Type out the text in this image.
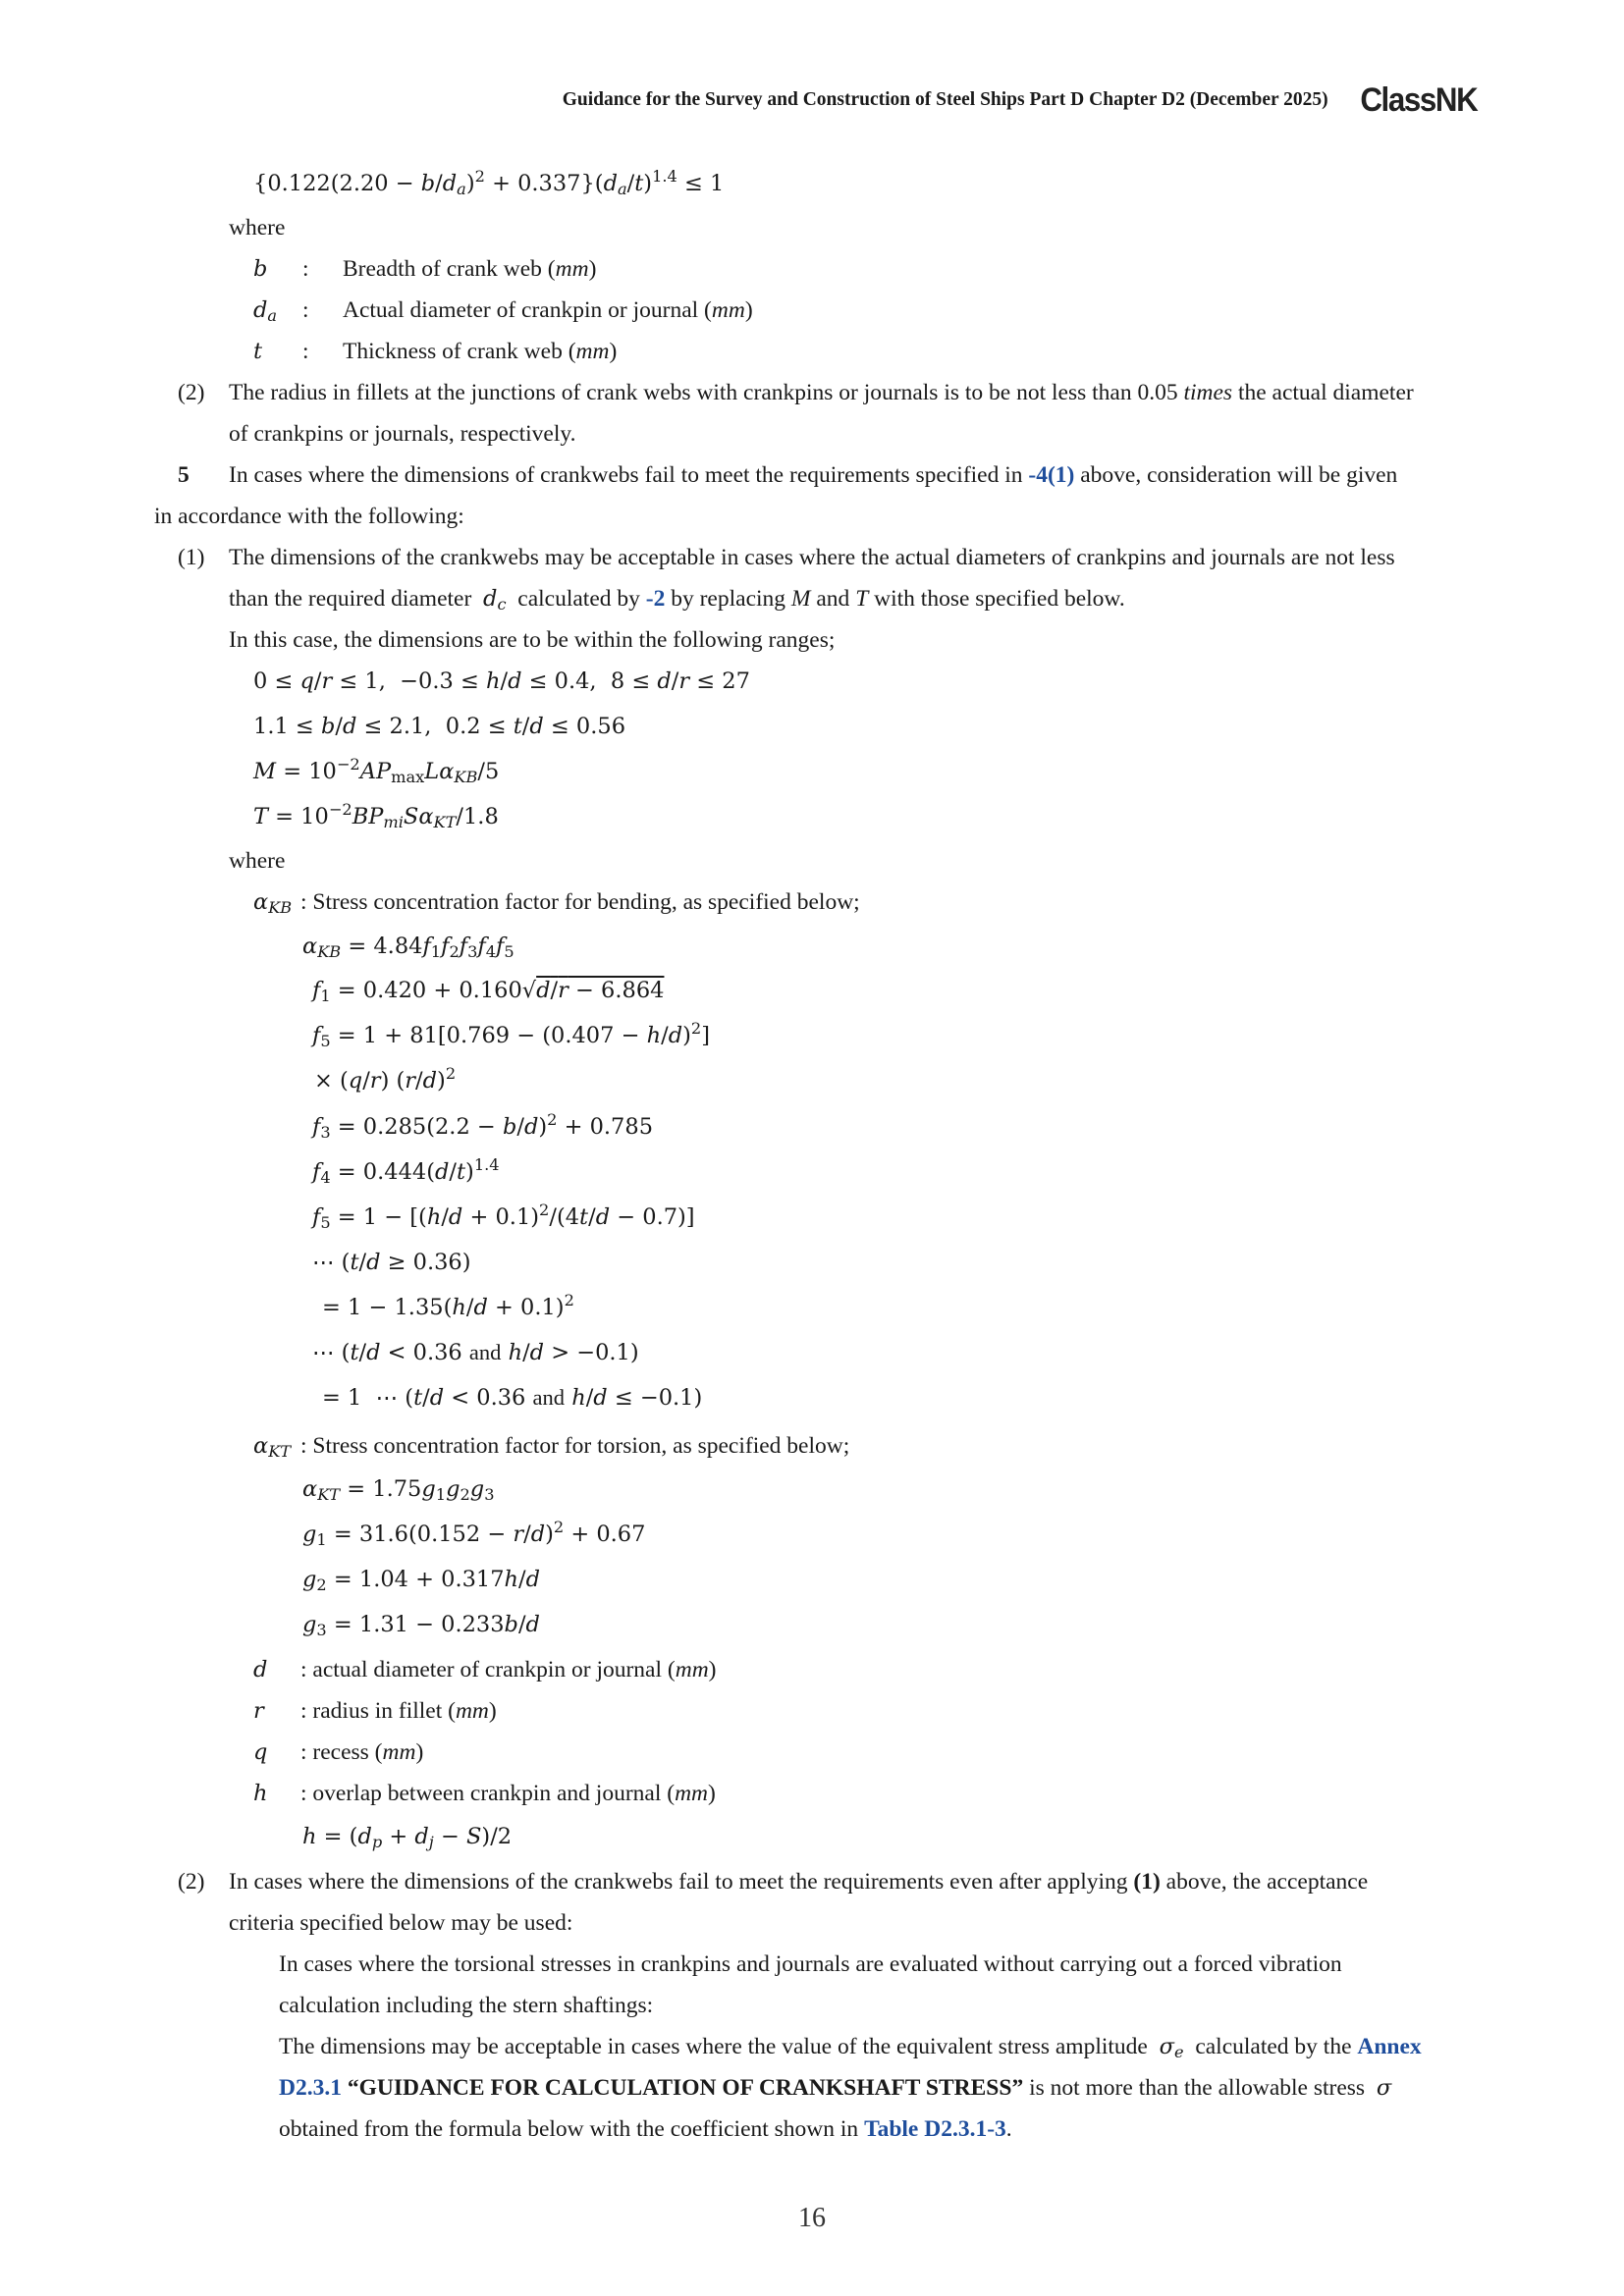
Guidance for the Survey and Construction of Steel Ships Part D Chapter D2 (December 2025) ClassNK
$\{0.122(2.20 - b/d_a)^2 + 0.337\}(d_a/t)^{1.4} \le 1$
where
b : Breadth of crank web (mm)
$d_a$ : Actual diameter of crankpin or journal (mm)
t : Thickness of crank web (mm)
(2) The radius in fillets at the junctions of crank webs with crankpins or journals is to be not less than 0.05 times the actual diameter
of crankpins or journals, respectively.
5 In cases where the dimensions of crankwebs fail to meet the requirements specified in -4(1) above, consideration will be given
in accordance with the following:
(1) The dimensions of the crankwebs may be acceptable in cases where the actual diameters of crankpins and journals are not less
than the required diameter $d_c$ calculated by -2 by replacing M and T with those specified below.
In this case, the dimensions are to be within the following ranges;
0 ≤ q/r ≤ 1,  −0.3 ≤ h/d ≤ 0.4,  8 ≤ d/r ≤ 27
1.1 ≤ b/d ≤ 2.1,  0.2 ≤ t/d ≤ 0.56
$M = 10^{-2}AP_{max}L\alpha_{KB}/5$
$T = 10^{-2}BP_{mi}S\alpha_{KT}/1.8$
where
$\alpha_{KB}$ : Stress concentration factor for bending, as specified below;
$\alpha_{KB} = 4.84f_1f_2f_3f_4f_5$
$f_1 = 0.420 + 0.160√d/r - 6.864$
$f_5 = 1 + 81[0.769 - (0.407 - h/d)^2]$
× (q/r) $(r/d)^2$
$f_3 = 0.285(2.2 - b/d)^2 + 0.785$
$f_4 = 0.444(d/t)^{1.4}$
$f_5 = 1 - [(h/d + 0.1)^2/(4t/d - 0.7)]$
⋯ (t/d ≥ 0.36)
= $1 - 1.35(h/d + 0.1)^2$
⋯ (t/d < 0.36 and h/d > −0.1)
= 1  ⋯ (t/d < 0.36 and h/d ≤ −0.1)
$\alpha_{KT}$ : Stress concentration factor for torsion, as specified below;
$\alpha_{KT} = 1.75g_1g_2g_3$
$g_1 = 31.6(0.152 - r/d)^2 + 0.67$
$g_2 = 1.04 + 0.317h/d$
$g_3 = 1.31 - 0.233b/d$
d : actual diameter of crankpin or journal (mm)
r : radius in fillet (mm)
q : recess (mm)
h : overlap between crankpin and journal (mm)
$h = (d_p + d_j - S)/2$
(2) In cases where the dimensions of the crankwebs fail to meet the requirements even after applying (1) above, the acceptance
criteria specified below may be used:
In cases where the torsional stresses in crankpins and journals are evaluated without carrying out a forced vibration
calculation including the stern shaftings:
The dimensions may be acceptable in cases where the value of the equivalent stress amplitude $\sigma_e$ calculated by the Annex
D2.3.1 “GUIDANCE FOR CALCULATION OF CRANKSHAFT STRESS” is not more than the allowable stress σ
obtained from the formula below with the coefficient shown in Table D2.3.1-3.
16
